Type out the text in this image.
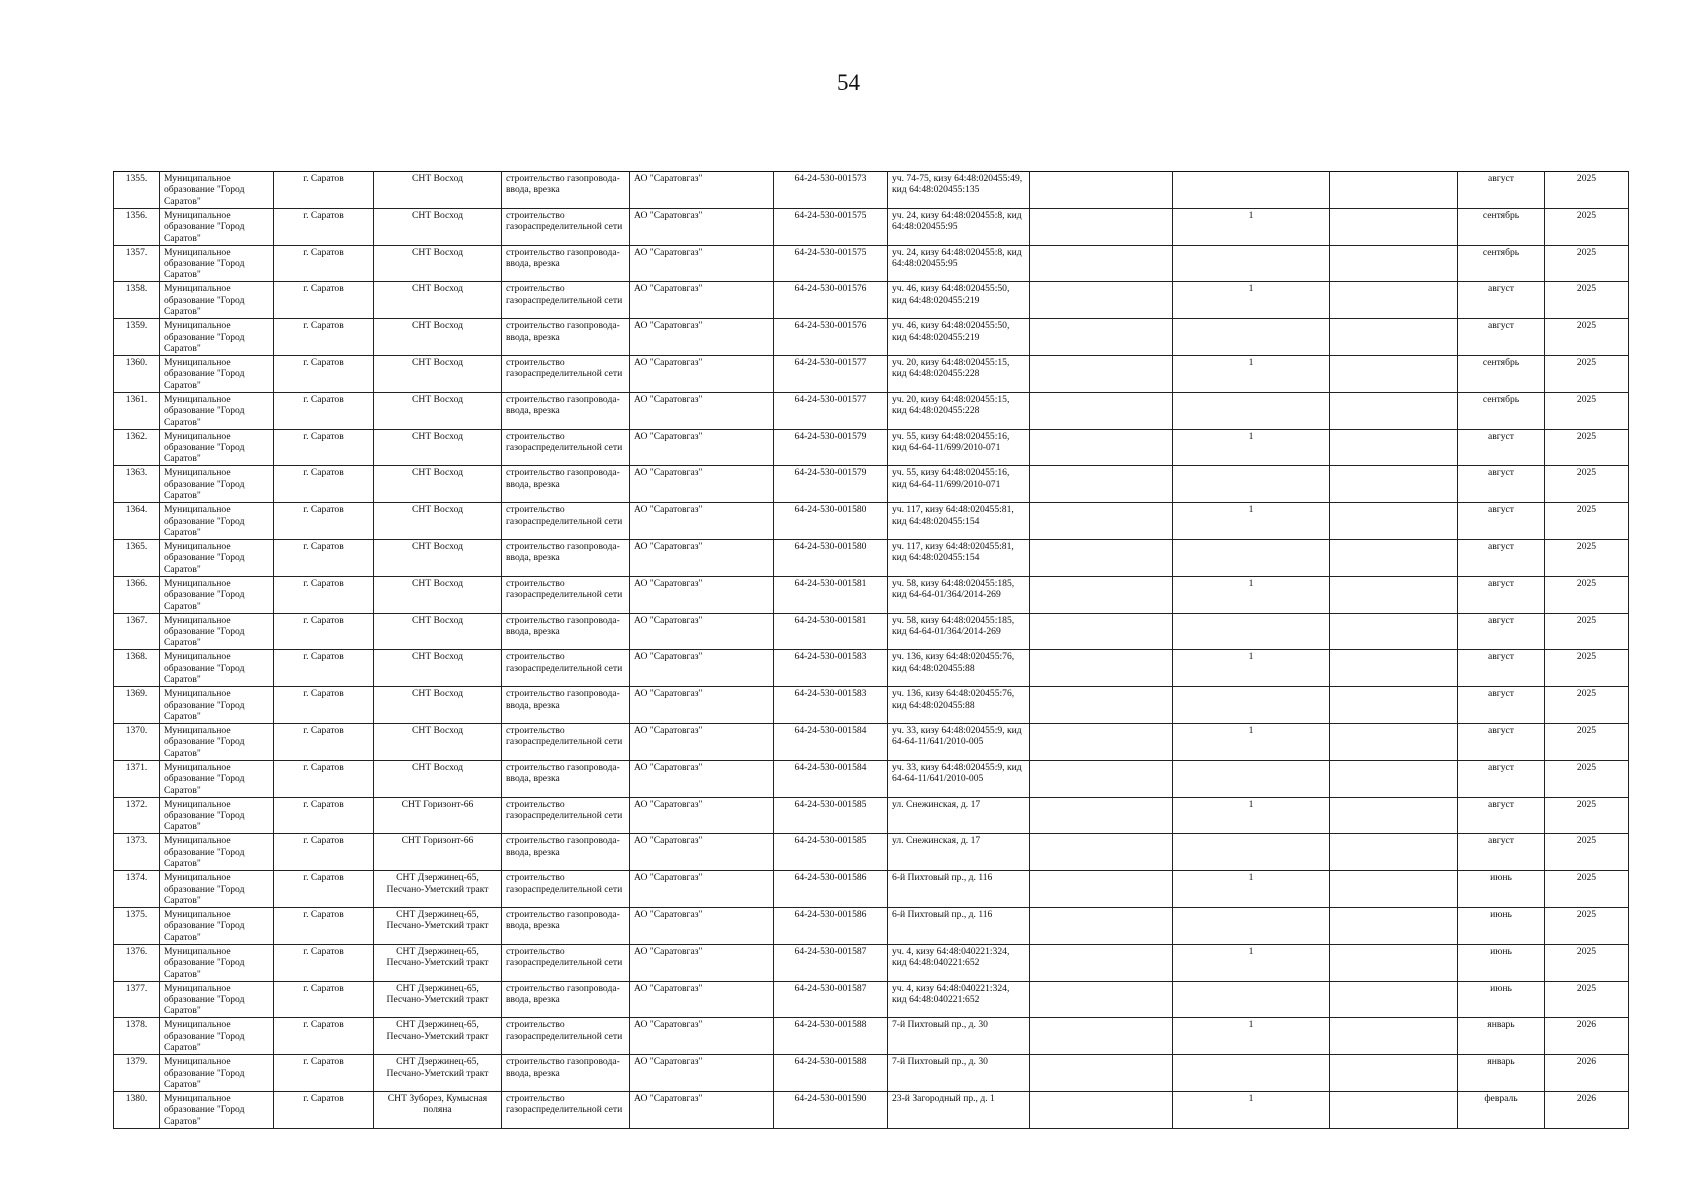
54
1355.	Муниципальное образование "Город Саратов"	г. Саратов	СНТ Восход	строительство газопровода-ввода, врезка	АО "Саратовгаз"	64-24-530-001573	уч. 74-75, кизу 64:48:020455:49, кид 64:48:020455:135				август	2025
1356.	Муниципальное образование "Город Саратов"	г. Саратов	СНТ Восход	строительство газораспределительной сети	АО "Саратовгаз"	64-24-530-001575	уч. 24, кизу 64:48:020455:8, кид 64:48:020455:95		1		сентябрь	2025
1357.	Муниципальное образование "Город Саратов"	г. Саратов	СНТ Восход	строительство газопровода-ввода, врезка	АО "Саратовгаз"	64-24-530-001575	уч. 24, кизу 64:48:020455:8, кид 64:48:020455:95				сентябрь	2025
1358.	Муниципальное образование "Город Саратов"	г. Саратов	СНТ Восход	строительство газораспределительной сети	АО "Саратовгаз"	64-24-530-001576	уч. 46, кизу 64:48:020455:50, кид 64:48:020455:219		1		август	2025
1359.	Муниципальное образование "Город Саратов"	г. Саратов	СНТ Восход	строительство газопровода-ввода, врезка	АО "Саратовгаз"	64-24-530-001576	уч. 46, кизу 64:48:020455:50, кид 64:48:020455:219				август	2025
1360.	Муниципальное образование "Город Саратов"	г. Саратов	СНТ Восход	строительство газораспределительной сети	АО "Саратовгаз"	64-24-530-001577	уч. 20, кизу 64:48:020455:15, кид 64:48:020455:228		1		сентябрь	2025
1361.	Муниципальное образование "Город Саратов"	г. Саратов	СНТ Восход	строительство газопровода-ввода, врезка	АО "Саратовгаз"	64-24-530-001577	уч. 20, кизу 64:48:020455:15, кид 64:48:020455:228				сентябрь	2025
1362.	Муниципальное образование "Город Саратов"	г. Саратов	СНТ Восход	строительство газораспределительной сети	АО "Саратовгаз"	64-24-530-001579	уч. 55, кизу 64:48:020455:16, кид 64-64-11/699/2010-071		1		август	2025
1363.	Муниципальное образование "Город Саратов"	г. Саратов	СНТ Восход	строительство газопровода-ввода, врезка	АО "Саратовгаз"	64-24-530-001579	уч. 55, кизу 64:48:020455:16, кид 64-64-11/699/2010-071				август	2025
1364.	Муниципальное образование "Город Саратов"	г. Саратов	СНТ Восход	строительство газораспределительной сети	АО "Саратовгаз"	64-24-530-001580	уч. 117, кизу 64:48:020455:81, кид 64:48:020455:154		1		август	2025
1365.	Муниципальное образование "Город Саратов"	г. Саратов	СНТ Восход	строительство газопровода-ввода, врезка	АО "Саратовгаз"	64-24-530-001580	уч. 117, кизу 64:48:020455:81, кид 64:48:020455:154				август	2025
1366.	Муниципальное образование "Город Саратов"	г. Саратов	СНТ Восход	строительство газораспределительной сети	АО "Саратовгаз"	64-24-530-001581	уч. 58, кизу 64:48:020455:185, кид 64-64-01/364/2014-269		1		август	2025
1367.	Муниципальное образование "Город Саратов"	г. Саратов	СНТ Восход	строительство газопровода-ввода, врезка	АО "Саратовгаз"	64-24-530-001581	уч. 58, кизу 64:48:020455:185, кид 64-64-01/364/2014-269				август	2025
1368.	Муниципальное образование "Город Саратов"	г. Саратов	СНТ Восход	строительство газораспределительной сети	АО "Саратовгаз"	64-24-530-001583	уч. 136, кизу 64:48:020455:76, кид 64:48:020455:88		1		август	2025
1369.	Муниципальное образование "Город Саратов"	г. Саратов	СНТ Восход	строительство газопровода-ввода, врезка	АО "Саратовгаз"	64-24-530-001583	уч. 136, кизу 64:48:020455:76, кид 64:48:020455:88				август	2025
1370.	Муниципальное образование "Город Саратов"	г. Саратов	СНТ Восход	строительство газораспределительной сети	АО "Саратовгаз"	64-24-530-001584	уч. 33, кизу 64:48:020455:9, кид 64-64-11/641/2010-005		1		август	2025
1371.	Муниципальное образование "Город Саратов"	г. Саратов	СНТ Восход	строительство газопровода-ввода, врезка	АО "Саратовгаз"	64-24-530-001584	уч. 33, кизу 64:48:020455:9, кид 64-64-11/641/2010-005				август	2025
1372.	Муниципальное образование "Город Саратов"	г. Саратов	СНТ Горизонт-66	строительство газораспределительной сети	АО "Саратовгаз"	64-24-530-001585	ул. Снежинская, д. 17		1		август	2025
1373.	Муниципальное образование "Город Саратов"	г. Саратов	СНТ Горизонт-66	строительство газопровода-ввода, врезка	АО "Саратовгаз"	64-24-530-001585	ул. Снежинская, д. 17				август	2025
1374.	Муниципальное образование "Город Саратов"	г. Саратов	СНТ Дзержинец-65, Песчано-Уметский тракт	строительство газораспределительной сети	АО "Саратовгаз"	64-24-530-001586	6-й Пихтовый пр., д. 116		1		июнь	2025
1375.	Муниципальное образование "Город Саратов"	г. Саратов	СНТ Дзержинец-65, Песчано-Уметский тракт	строительство газопровода-ввода, врезка	АО "Саратовгаз"	64-24-530-001586	6-й Пихтовый пр., д. 116				июнь	2025
1376.	Муниципальное образование "Город Саратов"	г. Саратов	СНТ Дзержинец-65, Песчано-Уметский тракт	строительство газораспределительной сети	АО "Саратовгаз"	64-24-530-001587	уч. 4, кизу 64:48:040221:324, кид 64:48:040221:652		1		июнь	2025
1377.	Муниципальное образование "Город Саратов"	г. Саратов	СНТ Дзержинец-65, Песчано-Уметский тракт	строительство газопровода-ввода, врезка	АО "Саратовгаз"	64-24-530-001587	уч. 4, кизу 64:48:040221:324, кид 64:48:040221:652				июнь	2025
1378.	Муниципальное образование "Город Саратов"	г. Саратов	СНТ Дзержинец-65, Песчано-Уметский тракт	строительство газораспределительной сети	АО "Саратовгаз"	64-24-530-001588	7-й Пихтовый пр., д. 30		1		январь	2026
1379.	Муниципальное образование "Город Саратов"	г. Саратов	СНТ Дзержинец-65, Песчано-Уметский тракт	строительство газопровода-ввода, врезка	АО "Саратовгаз"	64-24-530-001588	7-й Пихтовый пр., д. 30				январь	2026
1380.	Муниципальное образование "Город Саратов"	г. Саратов	СНТ Зуборез, Кумысная поляна	строительство газораспределительной сети	АО "Саратовгаз"	64-24-530-001590	23-й Загородный пр., д. 1		1		февраль	2026
